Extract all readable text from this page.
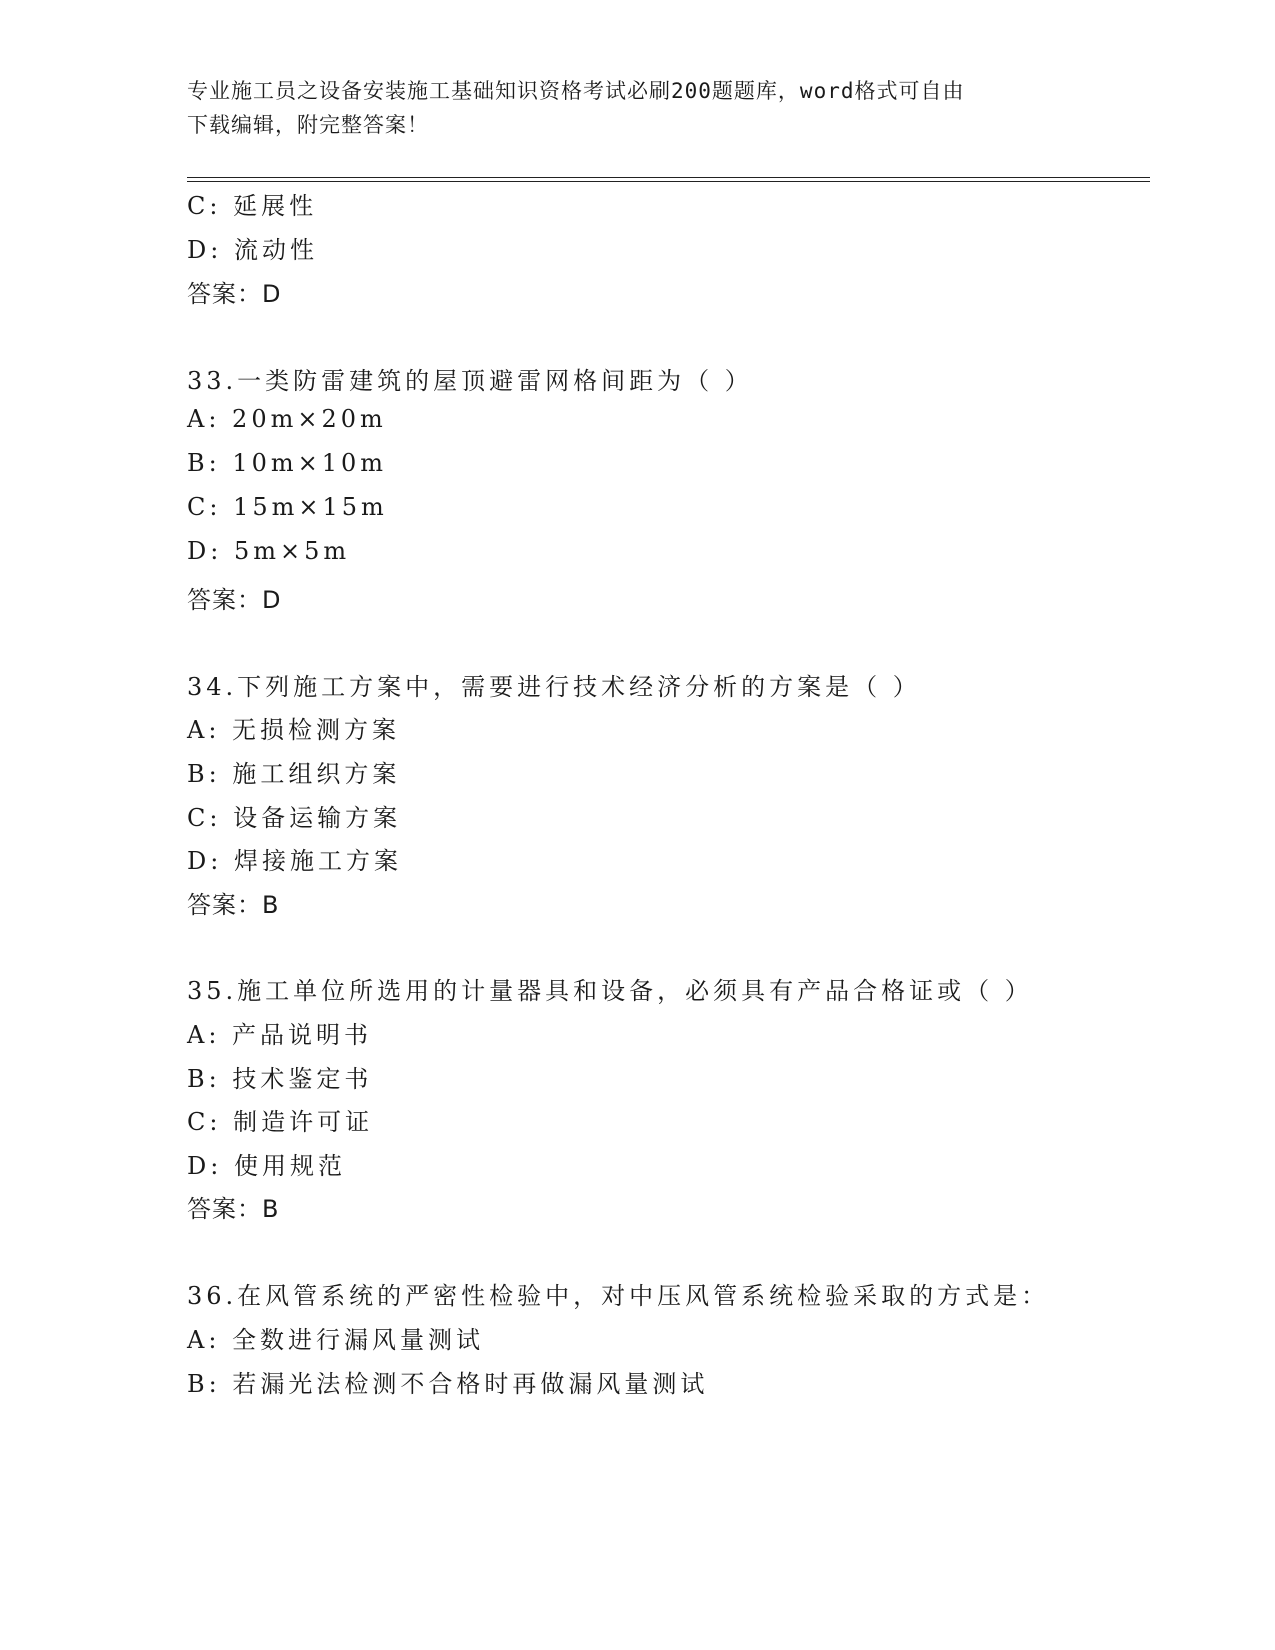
专业施工员之设备安装施工基础知识资格考试必刷200题题库，word格式可自由
下载编辑，附完整答案！
C: 延展性
D: 流动性
答案：D
33.一类防雷建筑的屋顶避雷网格间距为（ ）
A: 20m×20m
B: 10m×10m
C: 15m×15m
D: 5m×5m
答案：D
34.下列施工方案中，需要进行技术经济分析的方案是（ ）
A: 无损检测方案
B: 施工组织方案
C: 设备运输方案
D: 焊接施工方案
答案：B
35.施工单位所选用的计量器具和设备，必须具有产品合格证或（ ）
A: 产品说明书
B: 技术鉴定书
C: 制造许可证
D: 使用规范
答案：B
36.在风管系统的严密性检验中，对中压风管系统检验采取的方式是：
A: 全数进行漏风量测试
B: 若漏光法检测不合格时再做漏风量测试
